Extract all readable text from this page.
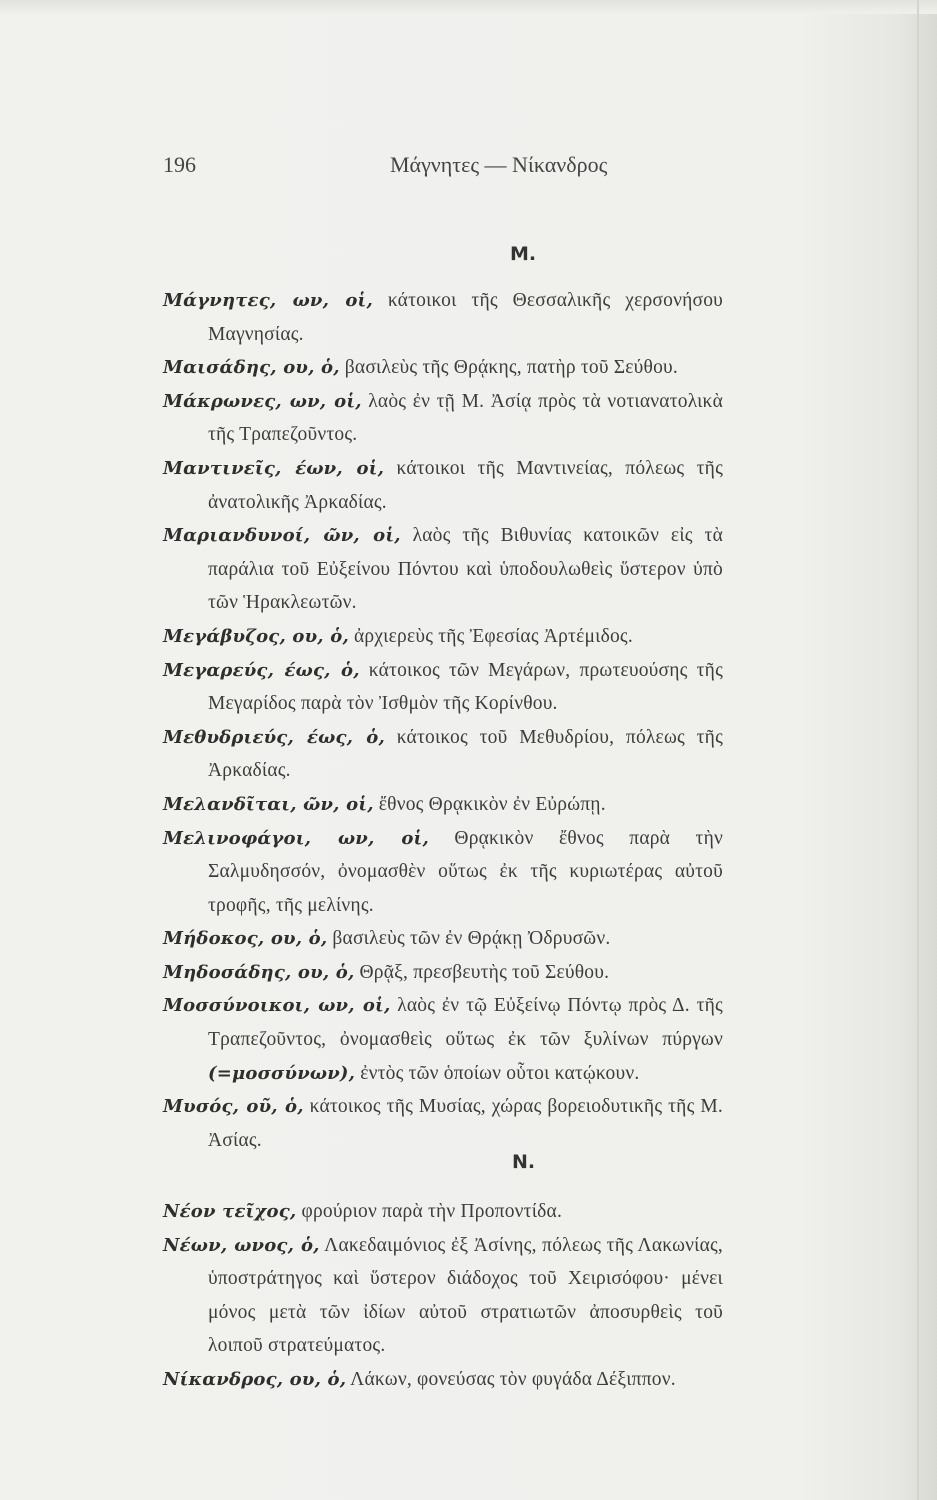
196	Μάγνητες — Νίκανδρος
Μ.

Μάγνητες, ων, οἱ, κάτοικοι τῆς Θεσσαλικῆς χερσονήσου Μαγνησίας.

Μαισάδης, ου, ὁ, βασιλεὺς τῆς Θρᾴκης, πατὴρ τοῦ Σεύθου.

Μάκρωνες, ων, οἱ, λαὸς ἐν τῇ Μ. Ἀσίᾳ πρὸς τὰ νοτιανατολικὰ τῆς Τραπεζοῦντος.

Μαντινεῖς, έων, οἱ, κάτοικοι τῆς Μαντινείας, πόλεως τῆς ἀνατολικῆς Ἀρκαδίας.

Μαριανδυνοί, ῶν, οἱ, λαὸς τῆς Βιθυνίας κατοικῶν εἰς τὰ παράλια τοῦ Εὐξείνου Πόντου καὶ ὑποδουλωθεὶς ὕστερον ὑπὸ τῶν Ἡρακλεωτῶν.

Μεγάβυζος, ου, ὁ, ἀρχιερεὺς τῆς Ἐφεσίας Ἀρτέμιδος.

Μεγαρεύς, έως, ὁ, κάτοικος τῶν Μεγάρων, πρωτευούσης τῆς Μεγαρίδος παρὰ τὸν Ἰσθμὸν τῆς Κορίνθου.

Μεθυδριεύς, έως, ὁ, κάτοικος τοῦ Μεθυδρίου, πόλεως τῆς Ἀρκαδίας.

Μελανδῖται, ῶν, οἱ, ἔθνος Θρᾳκικὸν ἐν Εὐρώπῃ.

Μελινοφάγοι, ων, οἱ, Θρᾳκικὸν ἔθνος παρὰ τὴν Σαλμυδησσόν, ὀνομασθὲν οὕτως ἐκ τῆς κυριωτέρας αὐτοῦ τροφῆς, τῆς μελίνης.

Μήδοκος, ου, ὁ, βασιλεὺς τῶν ἐν Θρᾴκῃ Ὀδρυσῶν.

Μηδοσάδης, ου, ὁ, Θρᾷξ, πρεσβευτὴς τοῦ Σεύθου.

Μοσσύνοικοι, ων, οἱ, λαὸς ἐν τῷ Εὐξείνῳ Πόντῳ πρὸς Δ. τῆς Τραπεζοῦντος, ὀνομασθεὶς οὕτως ἐκ τῶν ξυλίνων πύργων (=μοσσύνων), ἐντὸς τῶν ὁποίων οὗτοι κατῴκουν.

Μυσός, οῦ, ὁ, κάτοικος τῆς Μυσίας, χώρας βορειοδυτικῆς τῆς Μ. Ἀσίας.

Ν.

Νέον τεῖχος, φρούριον παρὰ τὴν Προποντίδα.

Νέων, ωνος, ὁ, Λακεδαιμόνιος ἐξ Ἀσίνης, πόλεως τῆς Λακωνίας, ὑποστράτηγος καὶ ὕστερον διάδοχος τοῦ Χειρισόφου· μένει μόνος μετὰ τῶν ἰδίων αὐτοῦ στρατιωτῶν ἀποσυρθεὶς τοῦ λοιποῦ στρατεύματος.

Νίκανδρος, ου, ὁ, Λάκων, φονεύσας τὸν φυγάδα Δέξιππον.
